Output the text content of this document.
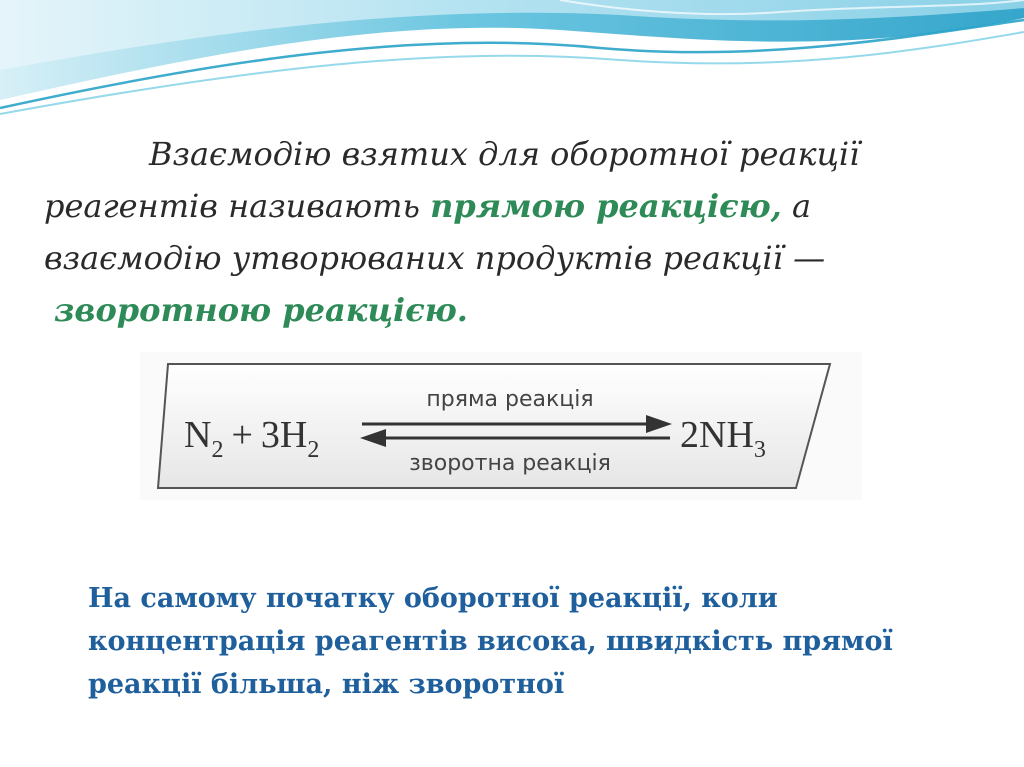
Взаємодію взятих для оборотної реакції
реагентів називають прямою реакцією, а
взаємодію утворюваних продуктів реакції —
зворотною реакцією.
$N_2 + 3H_2$	$2NH_3$
пряма реакція
зворотна реакція
На самому початку оборотної реакції, коли
концентрація реагентів висока, швидкість прямої
реакції більша, ніж зворотної
